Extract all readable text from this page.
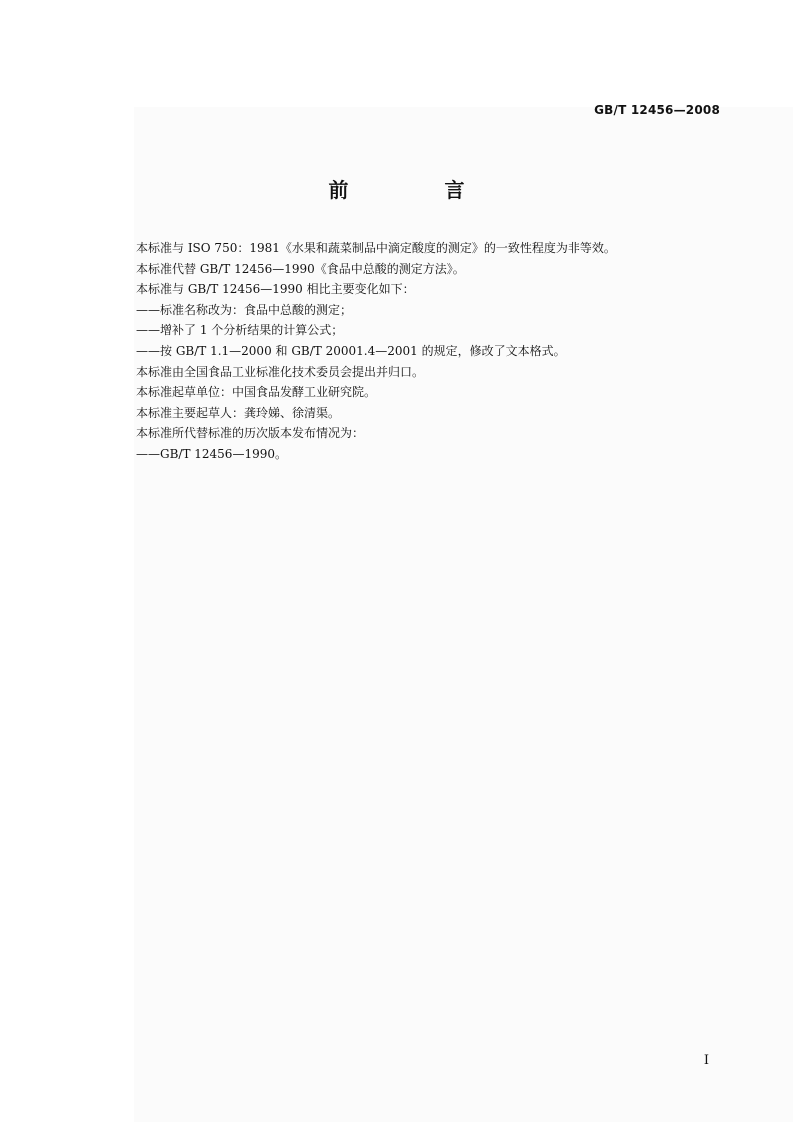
GB/T 12456—2008
前　言
本标准与 ISO 750：1981《水果和蔬菜制品中滴定酸度的测定》的一致性程度为非等效。
本标准代替 GB/T 12456—1990《食品中总酸的测定方法》。
本标准与 GB/T 12456—1990 相比主要变化如下：
——标准名称改为：食品中总酸的测定；
——增补了 1 个分析结果的计算公式；
——按 GB/T 1.1—2000 和 GB/T 20001.4—2001 的规定，修改了文本格式。
本标准由全国食品工业标准化技术委员会提出并归口。
本标准起草单位：中国食品发酵工业研究院。
本标准主要起草人：龚玲娣、徐清渠。
本标准所代替标准的历次版本发布情况为：
——GB/T 12456—1990。
I
